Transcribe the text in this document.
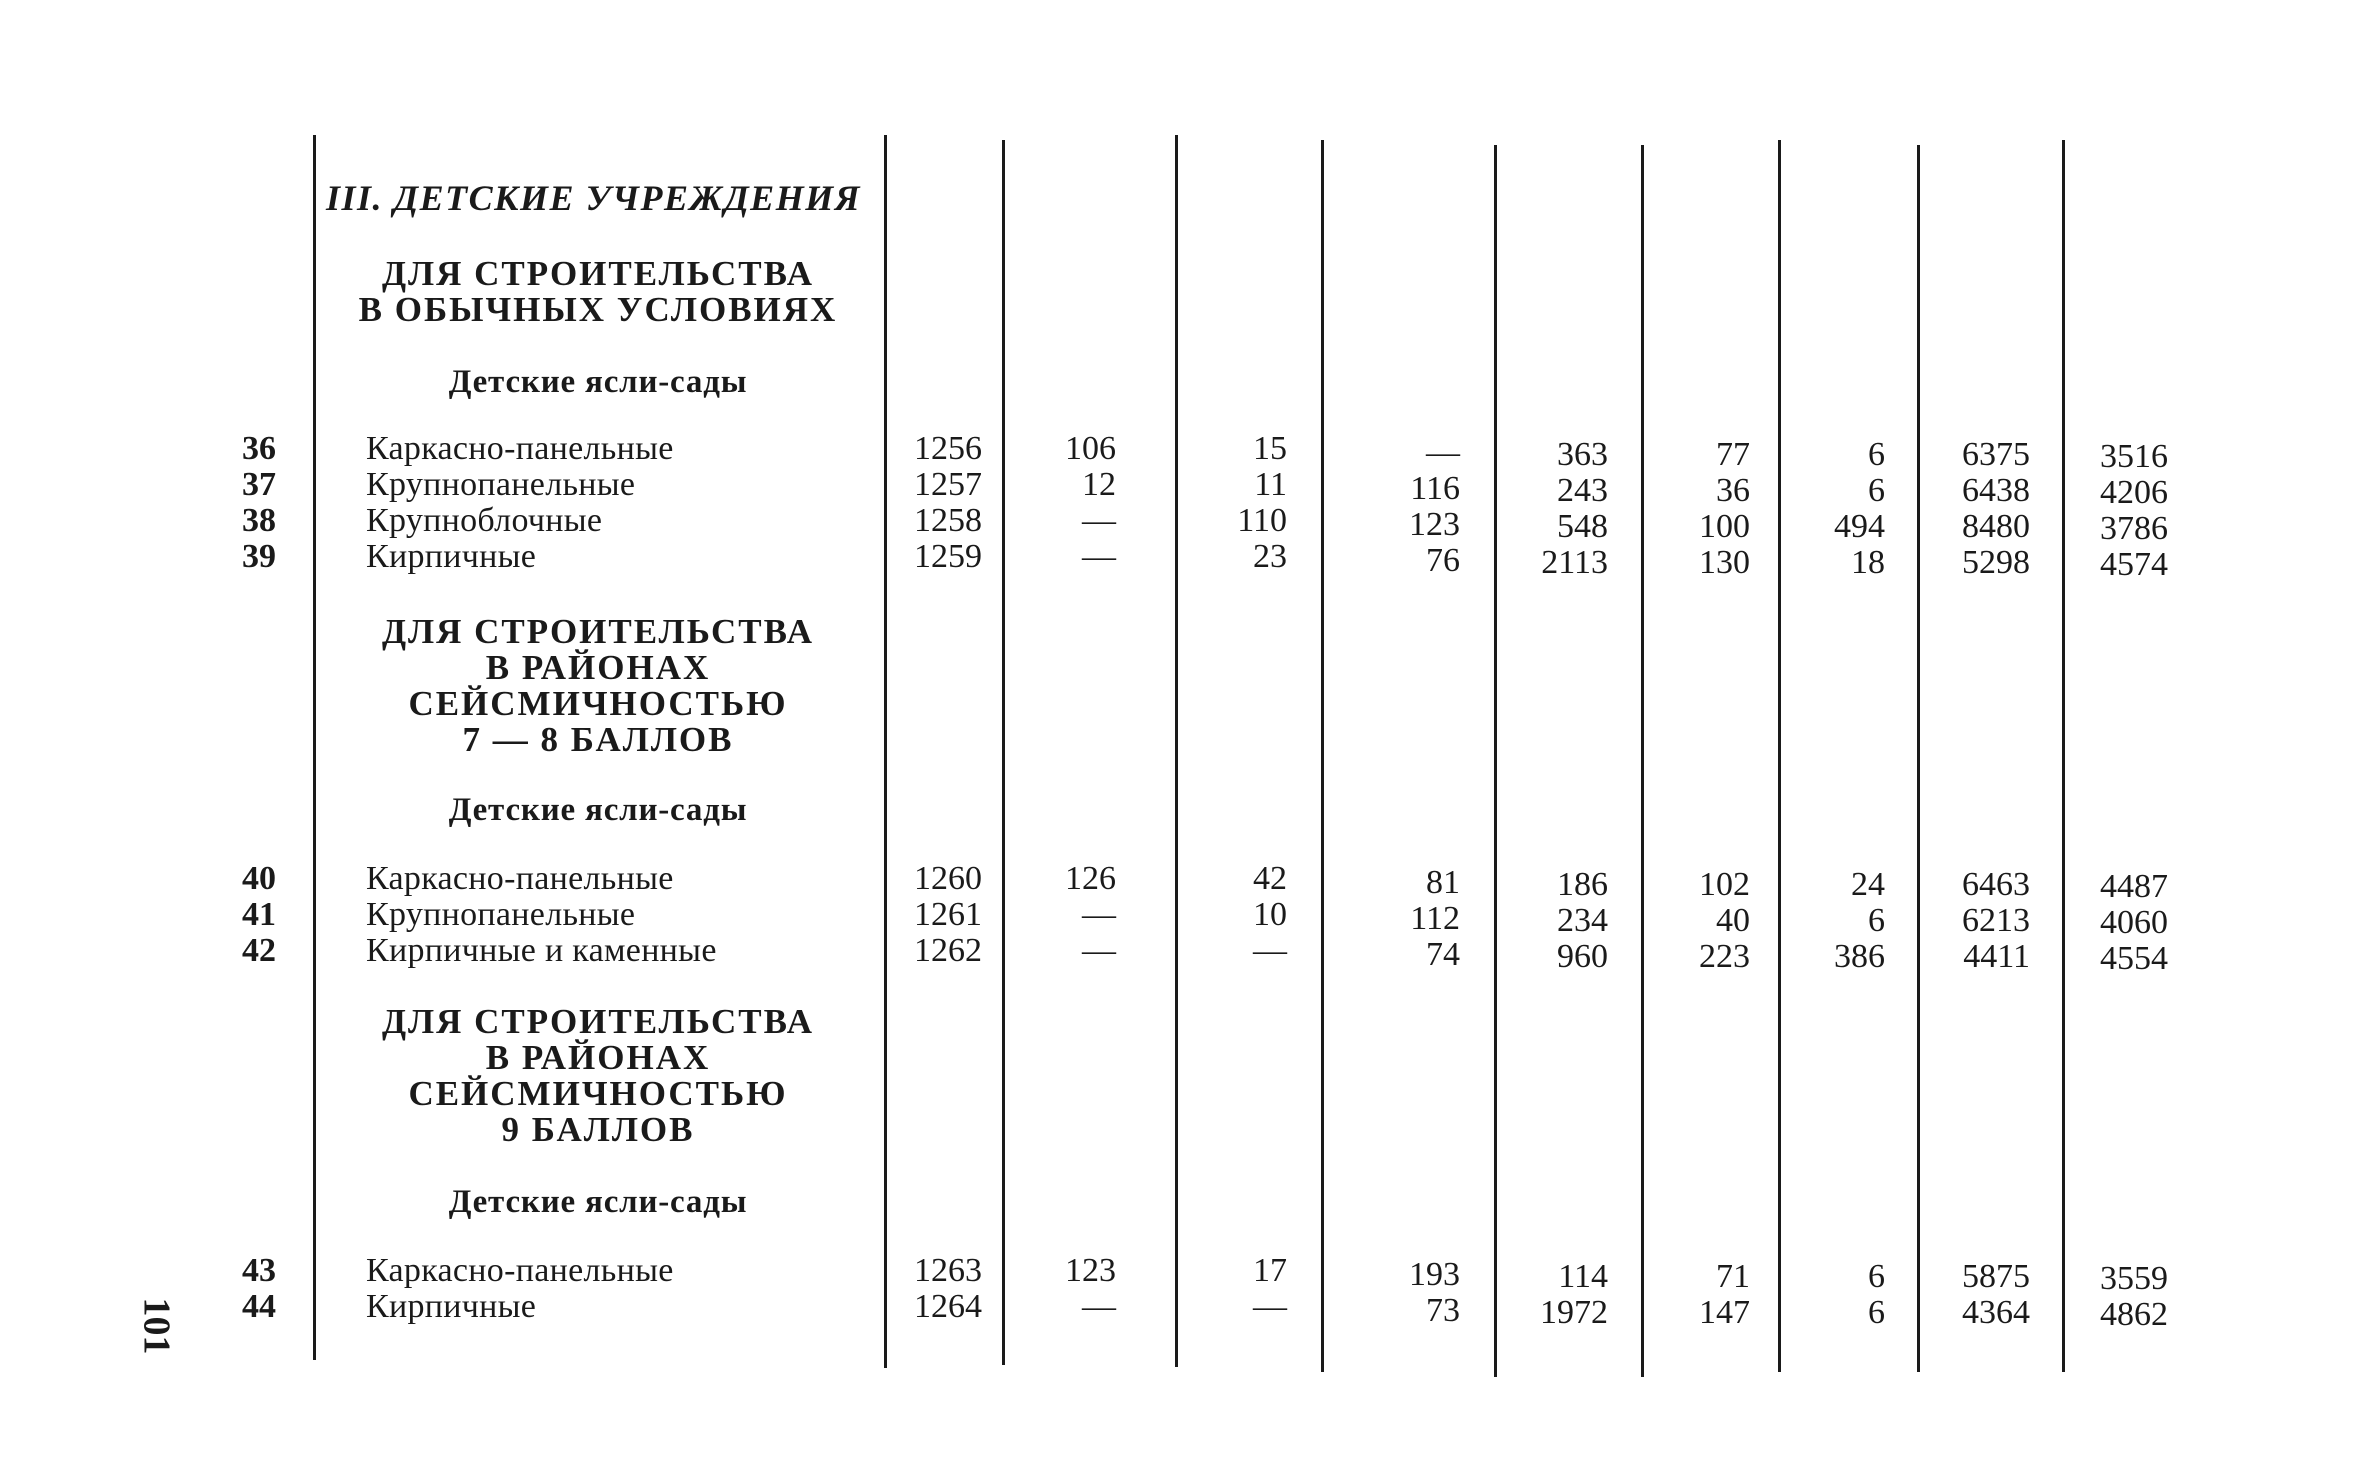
III. ДЕТСКИЕ УЧРЕЖДЕНИЯ
ДЛЯ СТРОИТЕЛЬСТВА
В ОБЫЧНЫХ УСЛОВИЯХ
Детские ясли-сады
ДЛЯ СТРОИТЕЛЬСТВА
В РАЙОНАХ
СЕЙСМИЧНОСТЬЮ
7 — 8 БАЛЛОВ
Детские ясли-сады
ДЛЯ СТРОИТЕЛЬСТВА
В РАЙОНАХ
СЕЙСМИЧНОСТЬЮ
9 БАЛЛОВ
Детские ясли-сады
36	Каркасно-панельные	1256	106	15	—	363	77	6	6375	3516
37	Крупнопанельные	1257	12	11	116	243	36	6	6438	4206
38	Крупноблочные	1258	—	110	123	548	100	494	8480	3786
39	Кирпичные	1259	—	23	76	2113	130	18	5298	4574
40	Каркасно-панельные	1260	126	42	81	186	102	24	6463	4487
41	Крупнопанельные	1261	—	10	112	234	40	6	6213	4060
42	Кирпичные и каменные	1262	—	—	74	960	223	386	4411	4554
43	Каркасно-панельные	1263	123	17	193	114	71	6	5875	3559
44	Кирпичные	1264	—	—	73	1972	147	6	4364	4862
101
